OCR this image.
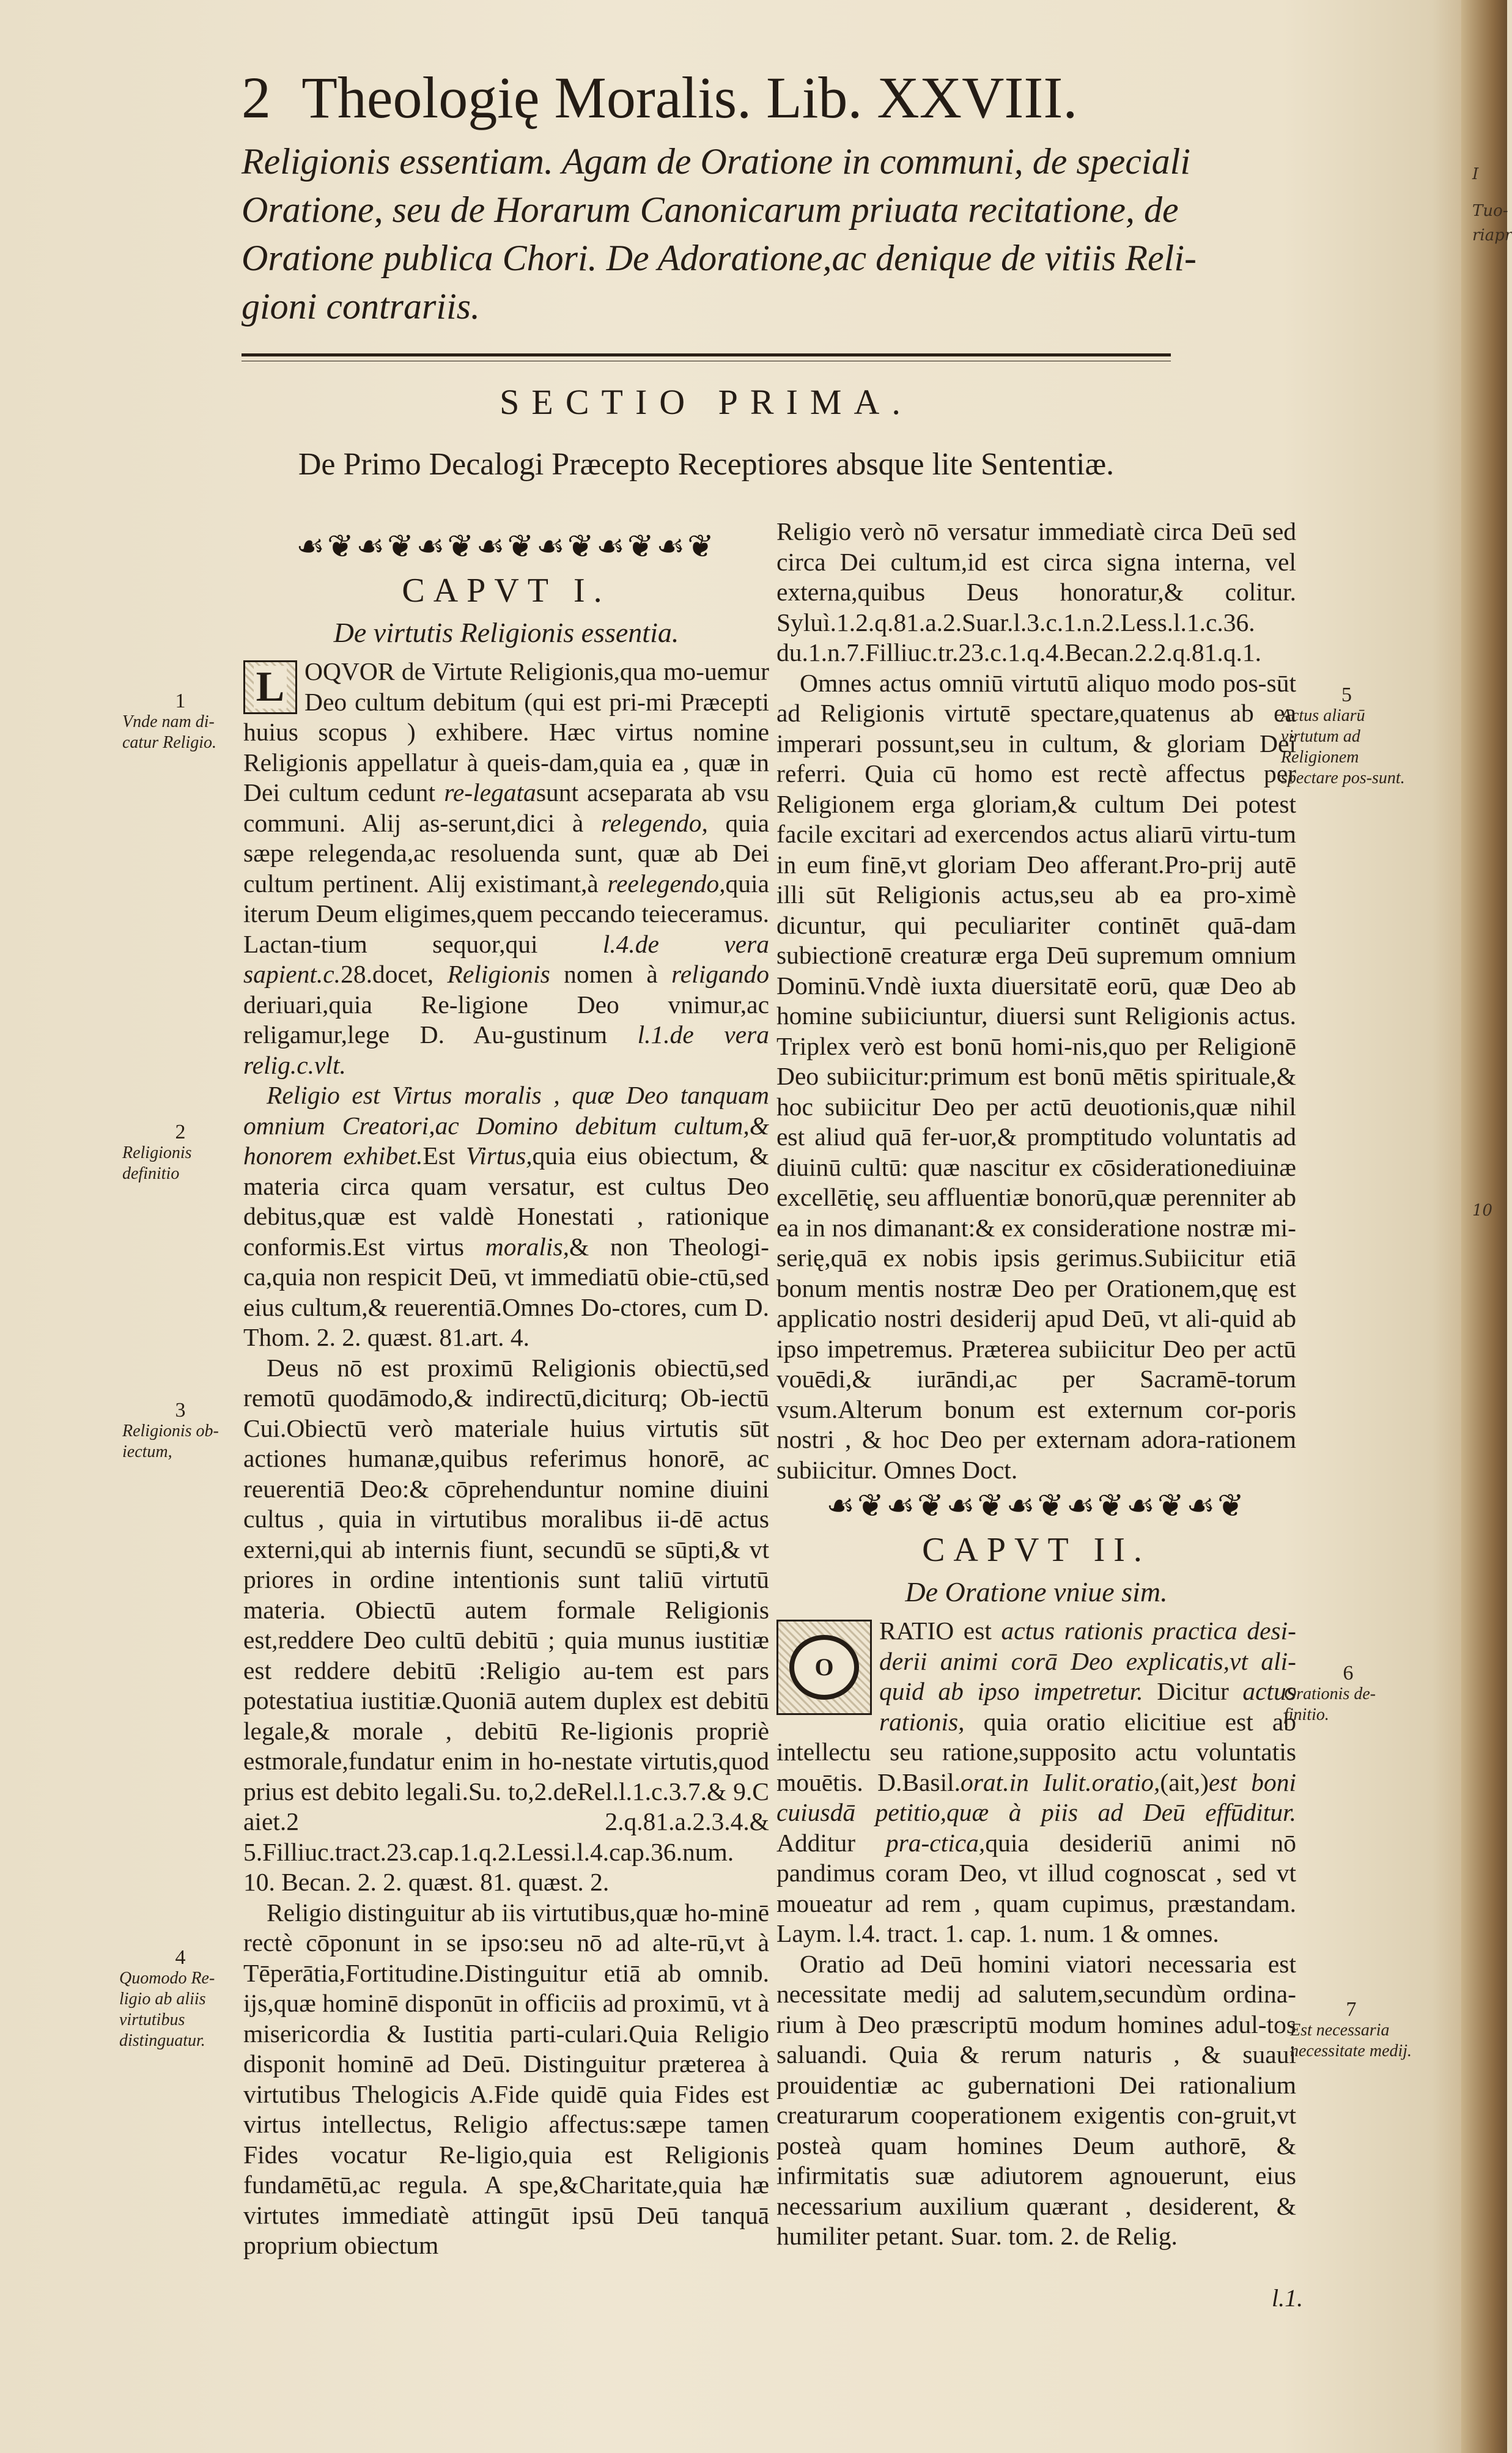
I
Tuo-
riapr
10
2 Theologię Moralis. Lib. XXVIII.
Religionis essentiam. Agam de Oratione in communi, de speciali
Oratione, seu de Horarum Canonicarum priuata recitatione, de
Oratione publica Chori. De Adoratione,ac denique de vitiis Reli-
gioni contrariis.
SECTIO PRIMA.
De Primo Decalogi Præcepto Receptiores absque lite Sententiæ.
☙❦☙❦☙❦☙❦☙❦☙❦☙❦
CAPVT I.
De virtutis Religionis essentia.

L OQVOR de Virtute Religionis,qua mo-uemur Deo cultum debitum (qui est pri-mi Præcepti huius scopus ) exhibere. Hæc virtus nomine Religionis appellatur à queis-dam,quia ea , quæ in Dei cultum cedunt re-legatasunt acseparata ab vsu communi. Alij as-serunt,dici à relegendo, quia sæpe relegenda,ac resoluenda sunt, quæ ab Dei cultum pertinent. Alij existimant,à reelegendo,quia iterum Deum eligimes,quem peccando teieceramus. Lactan-tium sequor,qui l.4.de vera sapient.c.28.docet, Religionis nomen à religando deriuari,quia Re-ligione Deo vnimur,ac religamur,lege D. Au-gustinum l.1.de vera relig.c.vlt.

Religio est Virtus moralis , quæ Deo tanquam omnium Creatori,ac Domino debitum cultum,& honorem exhibet.Est Virtus,quia eius obiectum, & materia circa quam versatur, est cultus Deo debitus,quæ est valdè Honestati , rationique conformis.Est virtus moralis,& non Theologi-ca,quia non respicit Deū, vt immediatū obie-ctū,sed eius cultum,& reuerentiā.Omnes Do-ctores, cum D. Thom. 2. 2. quæst. 81.art. 4.

Deus nō est proximū Religionis obiectū,sed remotū quodāmodo,& indirectū,diciturq; Ob-iectū Cui.Obiectū verò materiale huius virtutis sūt actiones humanæ,quibus referimus honorē, ac reuerentiā Deo:& cōprehenduntur nomine diuini cultus , quia in virtutibus moralibus ii-dē actus externi,qui ab internis fiunt, secundū se sūpti,& vt priores in ordine intentionis sunt taliū virtutū materia. Obiectū autem formale Religionis est,reddere Deo cultū debitū ; quia munus iustitiæ est reddere debitū :Religio au-tem est pars potestatiua iustitiæ.Quoniā autem duplex est debitū legale,& morale , debitū Re-ligionis propriè estmorale,fundatur enim in ho-nestate virtutis,quod prius est debito legali.Su. to,2.deRel.l.1.c.3.7.& 9.C aiet.2 2.q.81.a.2.3.4.& 5.Filliuc.tract.23.cap.1.q.2.Lessi.l.4.cap.36.num. 10. Becan. 2. 2. quæst. 81. quæst. 2.

Religio distinguitur ab iis virtutibus,quæ ho-minē rectè cōponunt in se ipso:seu nō ad alte-rū,vt à Tēperātia,Fortitudine.Distinguitur etiā ab omnib. ijs,quæ hominē disponūt in officiis ad proximū, vt à misericordia & Iustitia parti-culari.Quia Religio disponit hominē ad Deū. Distinguitur præterea à virtutibus Thelogicis A.Fide quidē quia Fides est virtus intellectus, Religio affectus:sæpe tamen Fides vocatur Re-ligio,quia est Religionis fundamētū,ac regula. A spe,&Charitate,quia hæ virtutes immediatè attingūt ipsū Deū tanquā proprium obiectum

Religio verò nō versatur immediatè circa Deū sed circa Dei cultum,id est circa signa interna, vel externa,quibus Deus honoratur,& colitur. Syluì.1.2.q.81.a.2.Suar.l.3.c.1.n.2.Less.l.1.c.36. du.1.n.7.Filliuc.tr.23.c.1.q.4.Becan.2.2.q.81.q.1.

Omnes actus omniū virtutū aliquo modo pos-sūt ad Religionis virtutē spectare,quatenus ab ea imperari possunt,seu in cultum, & gloriam Dei referri. Quia cū homo est rectè affectus per Religionem erga gloriam,& cultum Dei potest facile excitari ad exercendos actus aliarū virtu-tum in eum finē,vt gloriam Deo afferant.Pro-prij autē illi sūt Religionis actus,seu ab ea pro-ximè dicuntur, qui peculiariter continēt quā-dam subiectionē creaturæ erga Deū supremum omnium Dominū.Vndè iuxta diuersitatē eorū, quæ Deo ab homine subiiciuntur, diuersi sunt Religionis actus. Triplex verò est bonū homi-nis,quo per Religionē Deo subiicitur:primum est bonū mētis spirituale,& hoc subiicitur Deo per actū deuotionis,quæ nihil est aliud quā fer-uor,& promptitudo voluntatis ad diuinū cultū: quæ nascitur ex cōsiderationediuinæ excellētię, seu affluentiæ bonorū,quæ perenniter ab ea in nos dimanant:& ex consideratione nostræ mi-serię,quā ex nobis ipsis gerimus.Subiicitur etiā bonum mentis nostræ Deo per Orationem,quę est applicatio nostri desiderij apud Deū, vt ali-quid ab ipso impetremus. Præterea subiicitur Deo per actū vouēdi,& iurāndi,ac per Sacramē-torum vsum.Alterum bonum est externum cor-poris nostri , & hoc Deo per externam adora-rationem subiicitur. Omnes Doct.

☙❦☙❦☙❦☙❦☙❦☙❦☙❦
CAPVT II.
De Oratione vniue sim.

O
RATIO est actus rationis practica desi-derii animi corā Deo explicatis,vt ali-quid ab ipso impetretur. Dicitur actus rationis, quia oratio elicitiue est ab intellectu seu ratione,supposito actu voluntatis mouētis. D.Basil.orat.in Iulit.oratio,(ait,)est boni cuiusdā petitio,quæ à piis ad Deū effūditur. Additur pra-ctica,quia desideriū animi nō pandimus coram Deo, vt illud cognoscat , sed vt moueatur ad rem , quam cupimus, præstandam. Laym. l.4. tract. 1. cap. 1. num. 1 & omnes.

Oratio ad Deū homini viatori necessaria est necessitate medij ad salutem,secundùm ordina-rium à Deo præscriptū modum homines adul-tos saluandi. Quia & rerum naturis , & suaui prouidentiæ ac gubernationi Dei rationalium creaturarum cooperationem exigentis con-gruit,vt posteà quam homines Deum authorē, & infirmitatis suæ adiutorem agnouerunt, eius necessarium auxilium quærant , desiderent, & humiliter petant. Suar. tom. 2. de Relig.

1
Vnde nam di-catur Religio.
2
Religionis definitio
3
Religionis ob-iectum,
4
Quomodo Re-ligio ab aliis virtutibus distinguatur.
5
Actus aliarū virtutum ad Religionem spectare pos-sunt.
6
Orationis de-finitio.
7
Est necessaria necessitate medij.
l.1.
